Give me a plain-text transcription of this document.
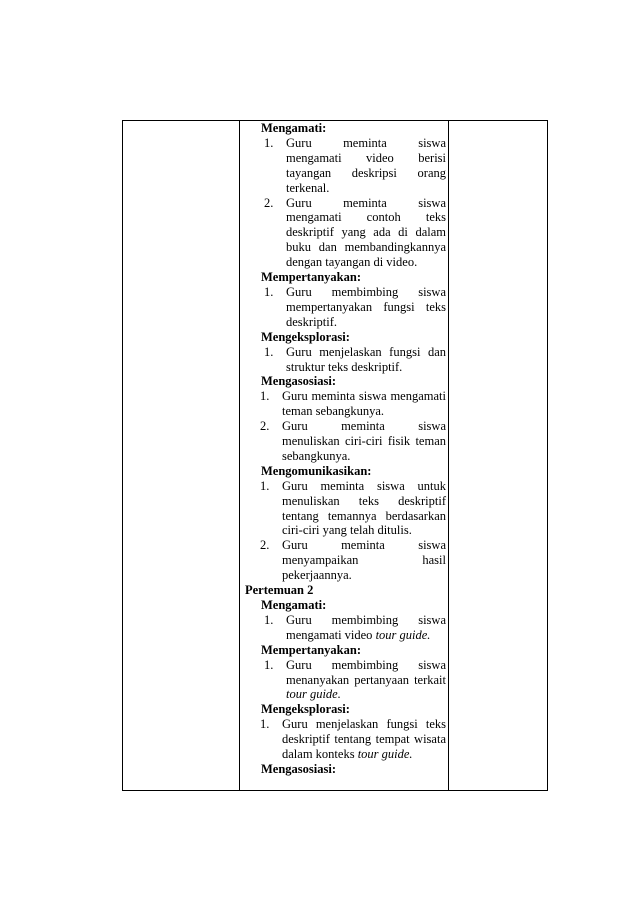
Mengamati:
1.	Guru meminta siswa mengamati video berisi tayangan deskripsi orang terkenal.
2.	Guru meminta siswa mengamati contoh teks deskriptif yang ada di dalam buku dan membandingkannya dengan tayangan di video.
Mempertanyakan:
1.	Guru membimbing siswa mempertanyakan fungsi teks deskriptif.
Mengeksplorasi:
1.	Guru menjelaskan fungsi dan struktur teks deskriptif.
Mengasosiasi:
1.	Guru meminta siswa mengamati teman sebangkunya.
2.	Guru meminta siswa menuliskan ciri-ciri fisik teman sebangkunya.
Mengomunikasikan:
1.	Guru meminta siswa untuk menuliskan teks deskriptif tentang temannya berdasarkan ciri-ciri yang telah ditulis.
2.	Guru meminta siswa menyampaikan hasil pekerjaannya.
Pertemuan 2
Mengamati:
1.	Guru membimbing siswa mengamati video tour guide.
Mempertanyakan:
1.	Guru membimbing siswa menanyakan pertanyaan terkait tour guide.
Mengeksplorasi:
1.	Guru menjelaskan fungsi teks deskriptif tentang tempat wisata dalam konteks tour guide.
Mengasosiasi:
